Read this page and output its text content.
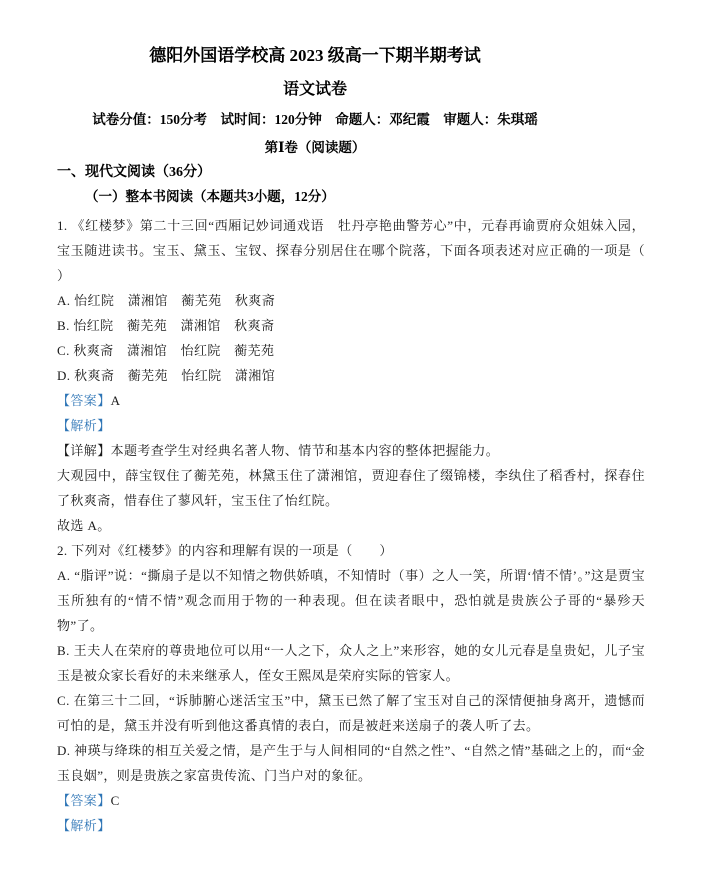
德阳外国语学校高 2023 级高一下期半期考试
语文试卷
试卷分值：150分考　试时间：120分钟　命题人：邓纪霞　审题人：朱琪瑶
第Ⅰ卷（阅读题）
一、现代文阅读（36分）
（一）整本书阅读（本题共3小题，12分）

1. 《红楼梦》第二十三回“西厢记妙词通戏语　牡丹亭艳曲警芳心”中，元春再谕贾府众姐妹入园，宝玉随进读书。宝玉、黛玉、宝钗、探春分别居住在哪个院落，下面各项表述对应正确的一项是（　　）

A. 怡红院　潇湘馆　蘅芜苑　秋爽斋

B. 怡红院　蘅芜苑　潇湘馆　秋爽斋

C. 秋爽斋　潇湘馆　怡红院　蘅芜苑

D. 秋爽斋　蘅芜苑　怡红院　潇湘馆

【答案】A

【解析】

【详解】本题考查学生对经典名著人物、情节和基本内容的整体把握能力。

大观园中，薛宝钗住了蘅芜苑，林黛玉住了潇湘馆，贾迎春住了缀锦楼，李纨住了稻香村，探春住了秋爽斋，惜春住了蓼风轩，宝玉住了怡红院。

故选 A。

2. 下列对《红楼梦》的内容和理解有误的一项是（　　）

A. “脂评”说：“撕扇子是以不知情之物供娇嗔，不知情时（事）之人一笑，所谓‘情不情’。”这是贾宝玉所独有的“情不情”观念而用于物的一种表现。但在读者眼中，恐怕就是贵族公子哥的“暴殄天物”了。

B. 王夫人在荣府的尊贵地位可以用“一人之下，众人之上”来形容，她的女儿元春是皇贵妃，儿子宝玉是被众家长看好的未来继承人，侄女王熙凤是荣府实际的管家人。

C. 在第三十二回，“诉肺腑心迷活宝玉”中，黛玉已然了解了宝玉对自己的深情便抽身离开，遗憾而可怕的是，黛玉并没有听到他这番真情的表白，而是被赶来送扇子的袭人听了去。

D. 神瑛与绛珠的相互关爱之情，是产生于与人间相同的“自然之性”、“自然之情”基础之上的，而“金玉良姻”，则是贵族之家富贵传流、门当户对的象征。

【答案】C

【解析】
